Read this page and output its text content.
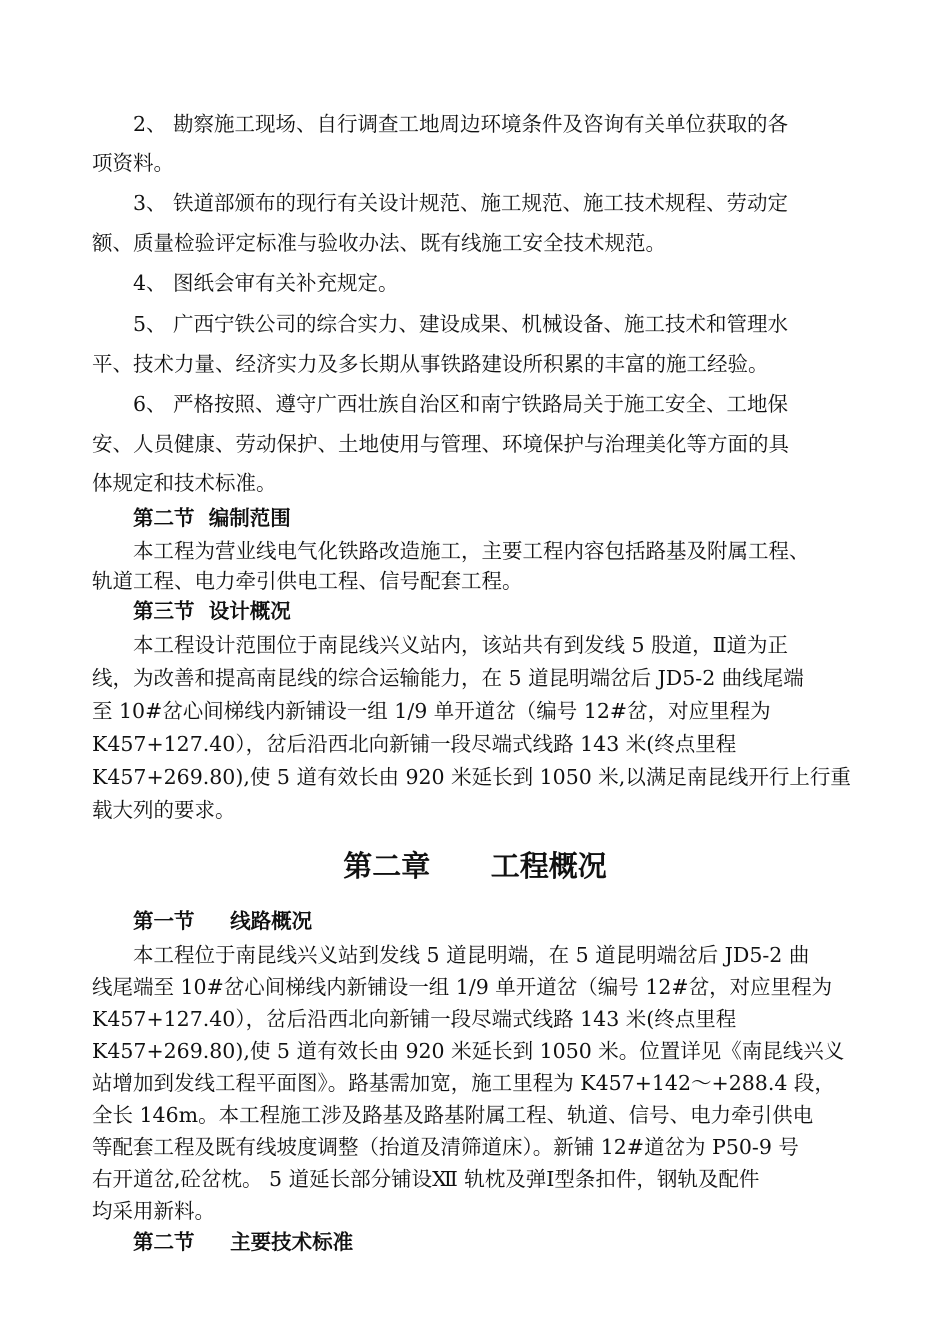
2、 勘察施工现场、自行调查工地周边环境条件及咨询有关单位获取的各
项资料。
3、 铁道部颁布的现行有关设计规范、施工规范、施工技术规程、劳动定
额、质量检验评定标准与验收办法、既有线施工安全技术规范。
4、 图纸会审有关补充规定。
5、 广西宁铁公司的综合实力、建设成果、机械设备、施工技术和管理水
平、技术力量、经济实力及多长期从事铁路建设所积累的丰富的施工经验。
6、 严格按照、遵守广西壮族自治区和南宁铁路局关于施工安全、工地保
安、人员健康、劳动保护、土地使用与管理、环境保护与治理美化等方面的具
体规定和技术标准。
第二节  编制范围
本工程为营业线电气化铁路改造施工，主要工程内容包括路基及附属工程、
轨道工程、电力牵引供电工程、信号配套工程。
第三节  设计概况
本工程设计范围位于南昆线兴义站内，该站共有到发线 5 股道，Ⅱ道为正
线，为改善和提高南昆线的综合运输能力，在 5 道昆明端岔后 JD5-2 曲线尾端
至 10#岔心间梯线内新铺设一组 1/9 单开道岔（编号 12#岔，对应里程为
K457+127.40），岔后沿西北向新铺一段尽端式线路 143 米(终点里程
K457+269.80),使 5 道有效长由 920 米延长到 1050 米,以满足南昆线开行上行重
载大列的要求。
第二章      工程概况
第一节     线路概况
本工程位于南昆线兴义站到发线 5 道昆明端，在 5 道昆明端岔后 JD5-2 曲
线尾端至 10#岔心间梯线内新铺设一组 1/9 单开道岔（编号 12#岔，对应里程为
K457+127.40），岔后沿西北向新铺一段尽端式线路 143 米(终点里程
K457+269.80),使 5 道有效长由 920 米延长到 1050 米。位置详见《南昆线兴义
站增加到发线工程平面图》。路基需加宽，施工里程为 K457+142～+288.4 段，
全长 146m。本工程施工涉及路基及路基附属工程、轨道、信号、电力牵引供电
等配套工程及既有线坡度调整（抬道及清筛道床）。新铺 12#道岔为 P50-9 号
右开道岔,砼岔枕。 5 道延长部分铺设Ⅻ 轨枕及弹Ⅰ型条扣件，钢轨及配件
均采用新料。
第二节     主要技术标准
